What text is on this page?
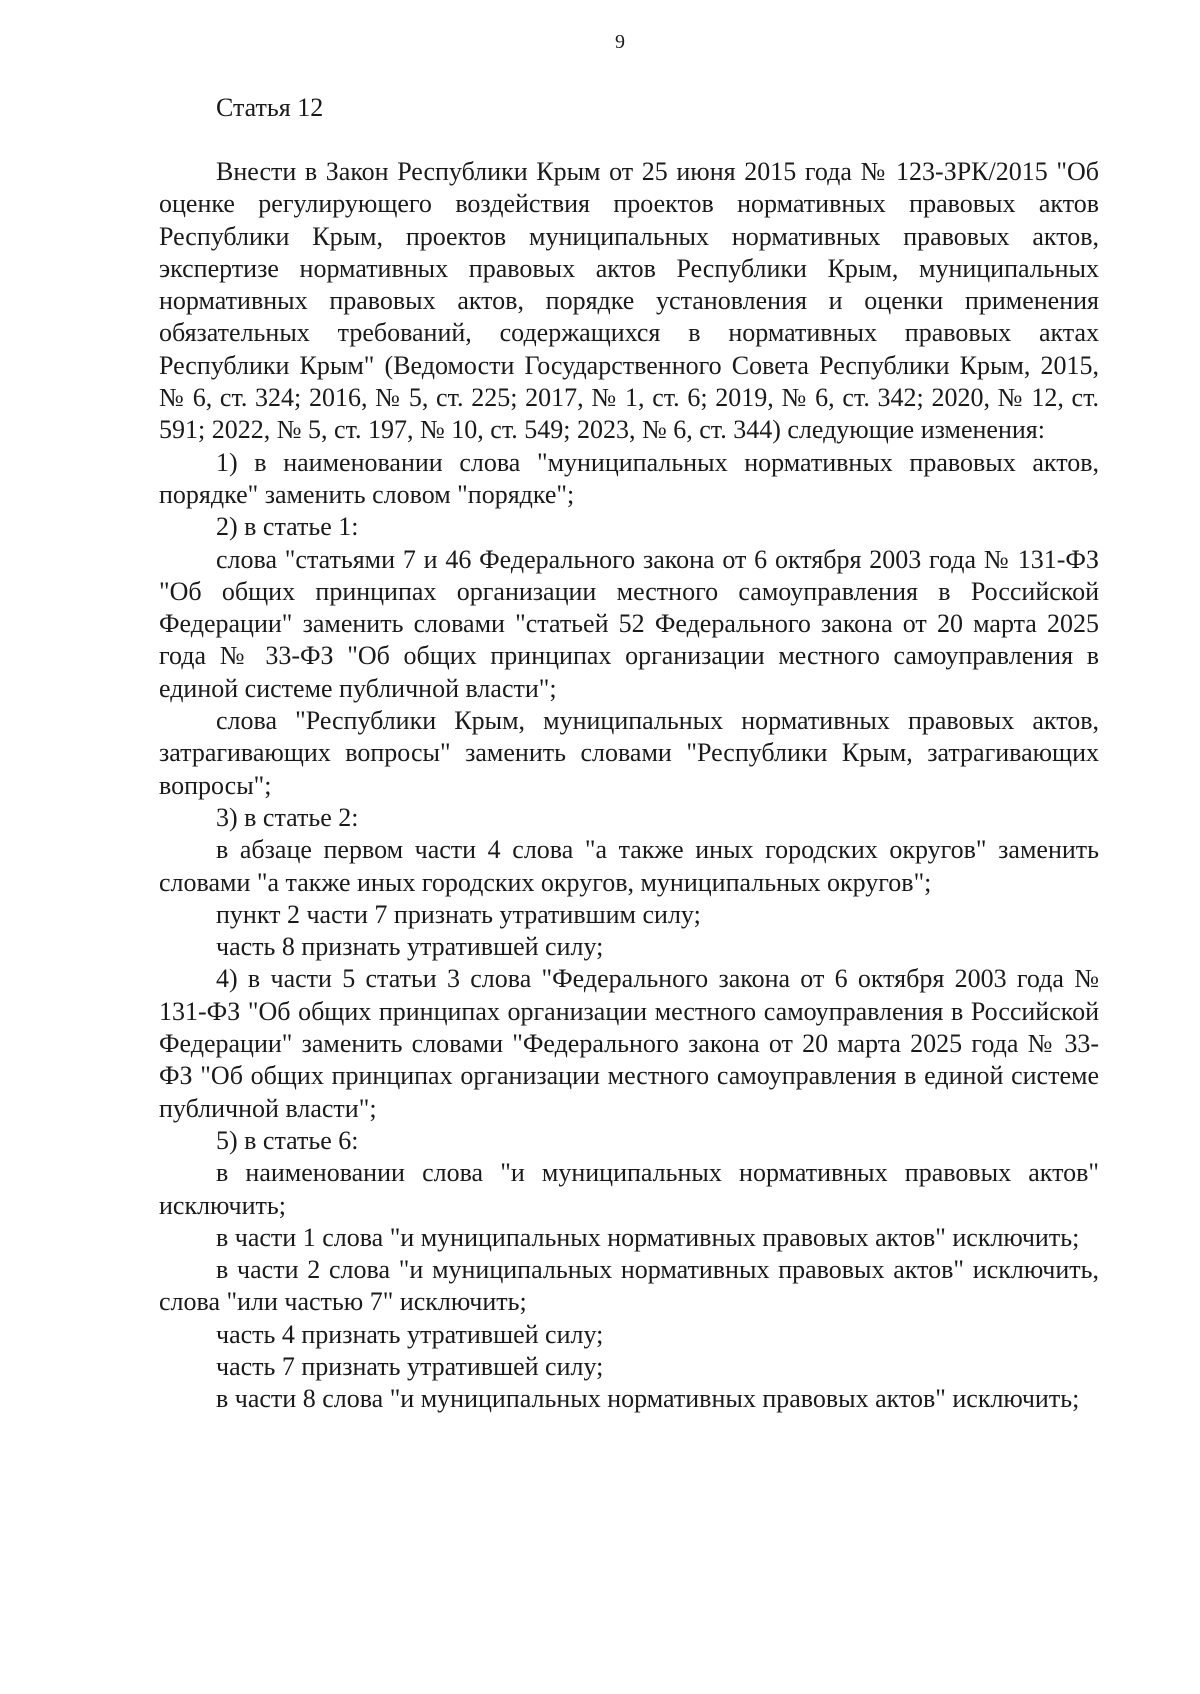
9
Статья 12

Внести в Закон Республики Крым от 25 июня 2015 года № 123-ЗРК/2015 "Об оценке регулирующего воздействия проектов нормативных правовых актов Республики Крым, проектов муниципальных нормативных правовых актов, экспертизе нормативных правовых актов Республики Крым, муниципальных нормативных правовых актов, порядке установления и оценки применения обязательных требований, содержащихся в нормативных правовых актах Республики Крым" (Ведомости Государственного Совета Республики Крым, 2015, № 6, ст. 324; 2016, № 5, ст. 225; 2017, № 1, ст. 6; 2019, № 6, ст. 342; 2020, № 12, ст. 591; 2022, № 5, ст. 197, № 10, ст. 549; 2023, № 6, ст. 344) следующие изменения:

1) в наименовании слова "муниципальных нормативных правовых актов, порядке" заменить словом "порядке";

2) в статье 1:

слова "статьями 7 и 46 Федерального закона от 6 октября 2003 года № 131-ФЗ "Об общих принципах организации местного самоуправления в Российской Федерации" заменить словами "статьей 52 Федерального закона от 20 марта 2025 года № 33-ФЗ "Об общих принципах организации местного самоуправления в единой системе публичной власти";

слова "Республики Крым, муниципальных нормативных правовых актов, затрагивающих вопросы" заменить словами "Республики Крым, затрагивающих вопросы";

3) в статье 2:

в абзаце первом части 4 слова "а также иных городских округов" заменить словами "а также иных городских округов, муниципальных округов";

пункт 2 части 7 признать утратившим силу;

часть 8 признать утратившей силу;

4) в части 5 статьи 3 слова "Федерального закона от 6 октября 2003 года № 131-ФЗ "Об общих принципах организации местного самоуправления в Российской Федерации" заменить словами "Федерального закона от 20 марта 2025 года № 33-ФЗ "Об общих принципах организации местного самоуправления в единой системе публичной власти";

5) в статье 6:

в наименовании слова "и муниципальных нормативных правовых актов" исключить;

в части 1 слова "и муниципальных нормативных правовых актов" исключить;

в части 2 слова "и муниципальных нормативных правовых актов" исключить, слова "или частью 7" исключить;

часть 4 признать утратившей силу;

часть 7 признать утратившей силу;

в части 8 слова "и муниципальных нормативных правовых актов" исключить;
